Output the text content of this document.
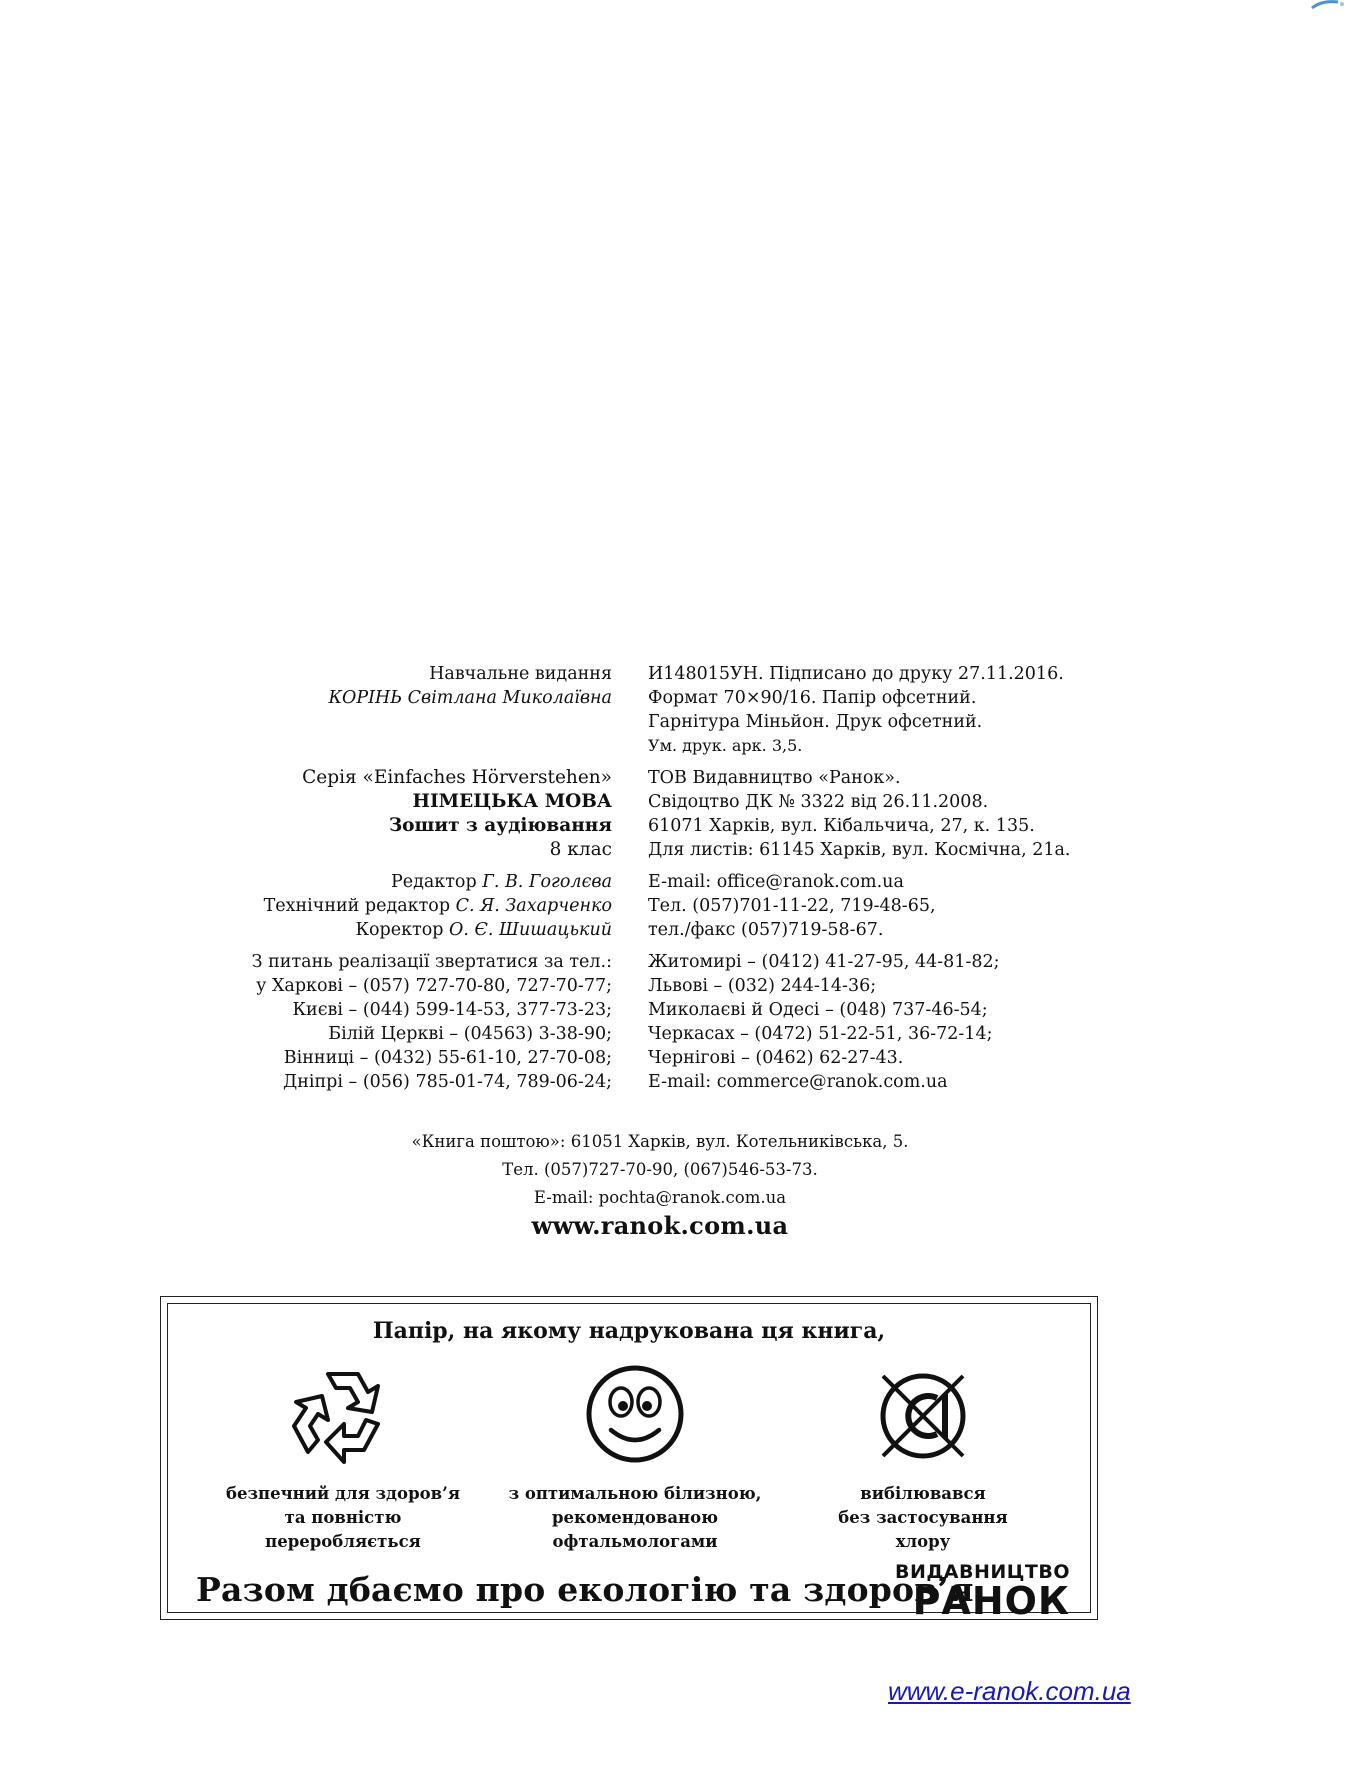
Навчальне видання
КОРІНЬ Світлана Миколаївна
И148015УН. Підписано до друку 27.11.2016.
Формат 70×90/16. Папір офсетний.
Гарнітура Міньйон. Друк офсетний.
Ум. друк. арк. 3,5.
Серія «Einfaches Hörverstehen»
НІМЕЦЬКА МОВА
Зошит з аудіювання
8 клас
ТОВ Видавництво «Ранок».
Свідоцтво ДК № 3322 від 26.11.2008.
61071 Харків, вул. Кібальчича, 27, к. 135.
Для листів: 61145 Харків, вул. Космічна, 21а.
Редактор Г. В. Гоголєва
Технічний редактор С. Я. Захарченко
Коректор О. Є. Шишацький
E-mail: office@ranok.com.ua
Тел. (057)701-11-22, 719-48-65,
тел./факс (057)719-58-67.
З питань реалізації звертатися за тел.:
у Харкові – (057) 727-70-80, 727-70-77;
Києві – (044) 599-14-53, 377-73-23;
Білій Церкві – (04563) 3-38-90;
Вінниці – (0432) 55-61-10, 27-70-08;
Дніпрі – (056) 785-01-74, 789-06-24;
Житомирі – (0412) 41-27-95, 44-81-82;
Львові – (032) 244-14-36;
Миколаєві й Одесі – (048) 737-46-54;
Черкасах – (0472) 51-22-51, 36-72-14;
Чернігові – (0462) 62-27-43.
E-mail: commerce@ranok.com.ua
«Книга поштою»: 61051 Харків, вул. Котельниківська, 5.
Тел. (057)727-70-90, (067)546-53-73.
E-mail: pochta@ranok.com.ua
www.ranok.com.ua
Папір, на якому надрукована ця книга,
безпечний для здоров’я
та повністю
переробляється
з оптимальною білизною,
рекомендованою
офтальмологами
вибілювався
без застосування
хлору
Разом дбаємо про екологію та здоров’я
ВИДАВНИЦТВО
РАНОК
www.e-ranok.com.ua
